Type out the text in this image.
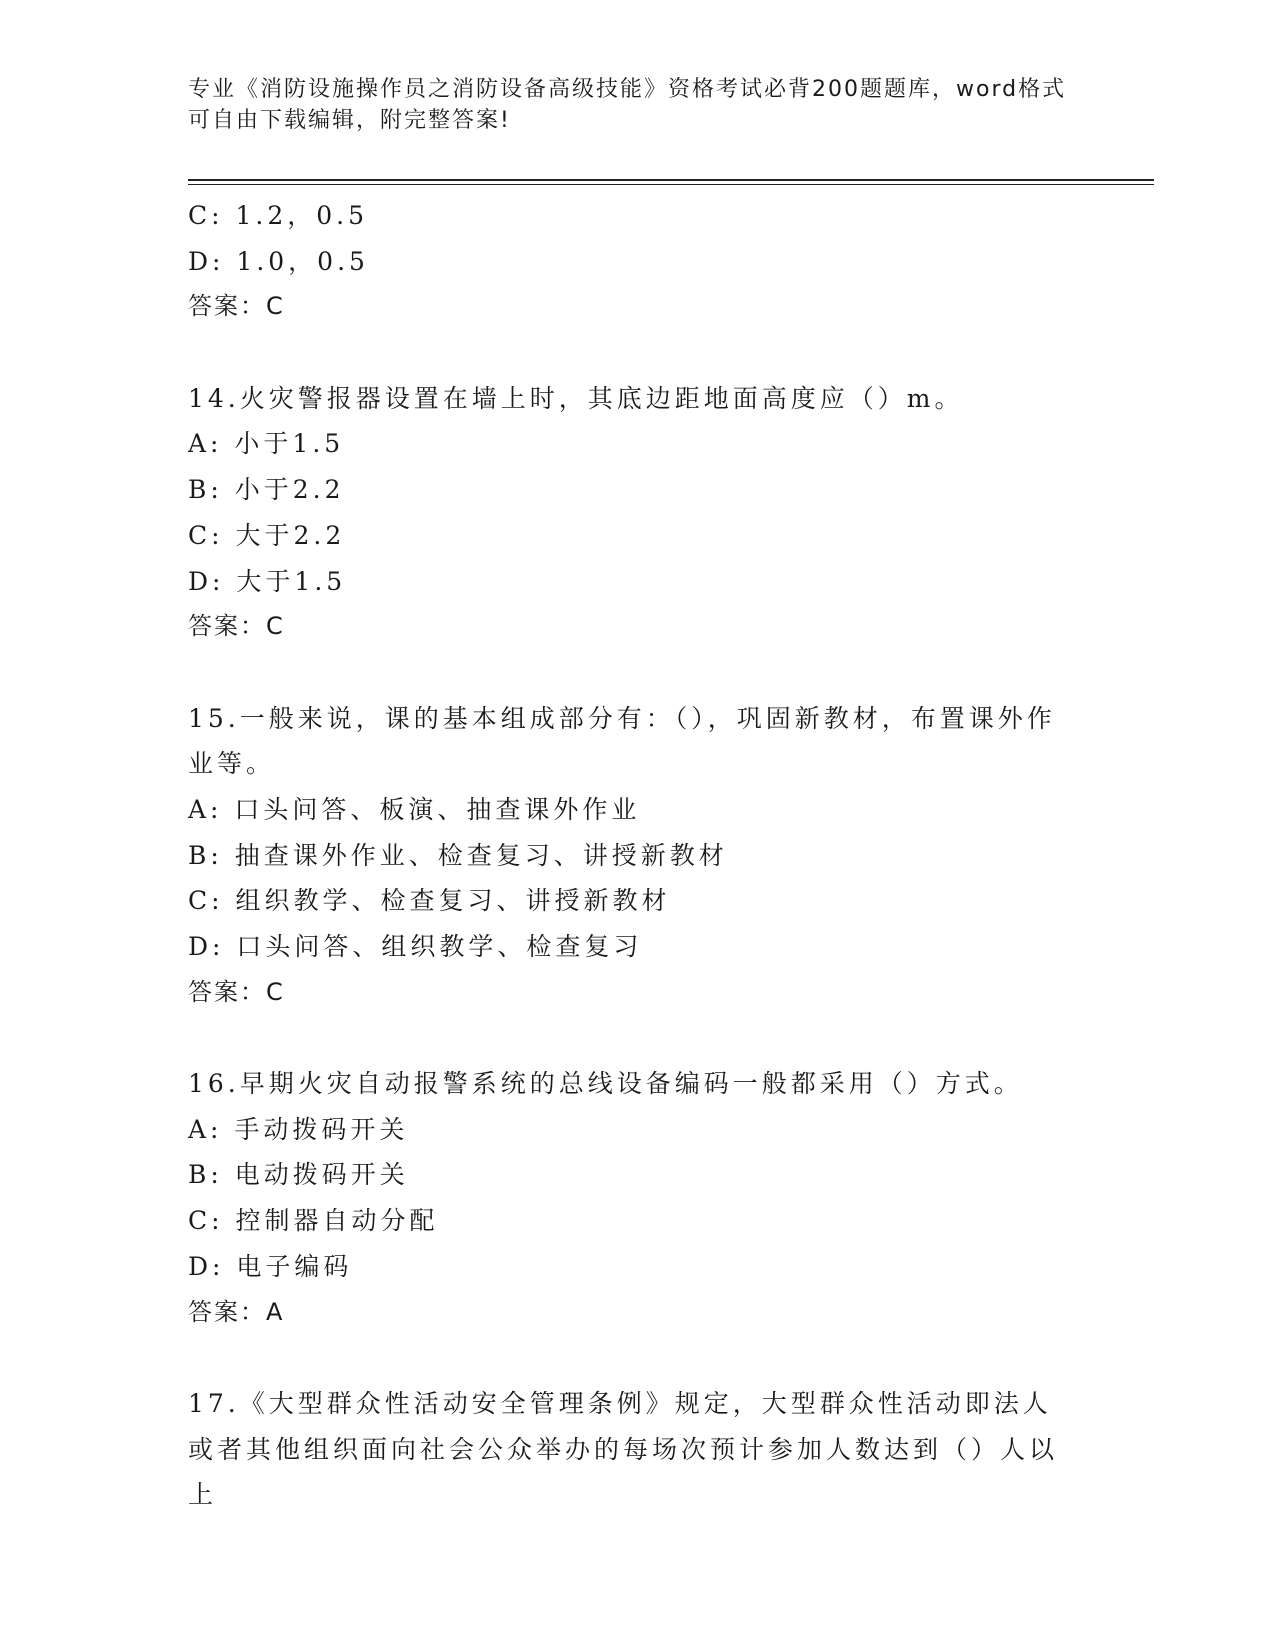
专业《消防设施操作员之消防设备高级技能》资格考试必背200题题库，word格式可自由下载编辑，附完整答案!
C: 1.2，0.5
D: 1.0，0.5
答案：C
14.火灾警报器设置在墙上时，其底边距地面高度应（）m。
A: 小于1.5
B: 小于2.2
C: 大于2.2
D: 大于1.5
答案：C
15.一般来说，课的基本组成部分有：（），巩固新教材，布置课外作业等。
A: 口头问答、板演、抽查课外作业
B: 抽查课外作业、检查复习、讲授新教材
C: 组织教学、检查复习、讲授新教材
D: 口头问答、组织教学、检查复习
答案：C
16.早期火灾自动报警系统的总线设备编码一般都采用（）方式。
A: 手动拨码开关
B: 电动拨码开关
C: 控制器自动分配
D: 电子编码
答案：A
17.《大型群众性活动安全管理条例》规定，大型群众性活动即法人或者其他组织面向社会公众举办的每场次预计参加人数达到（）人以上
